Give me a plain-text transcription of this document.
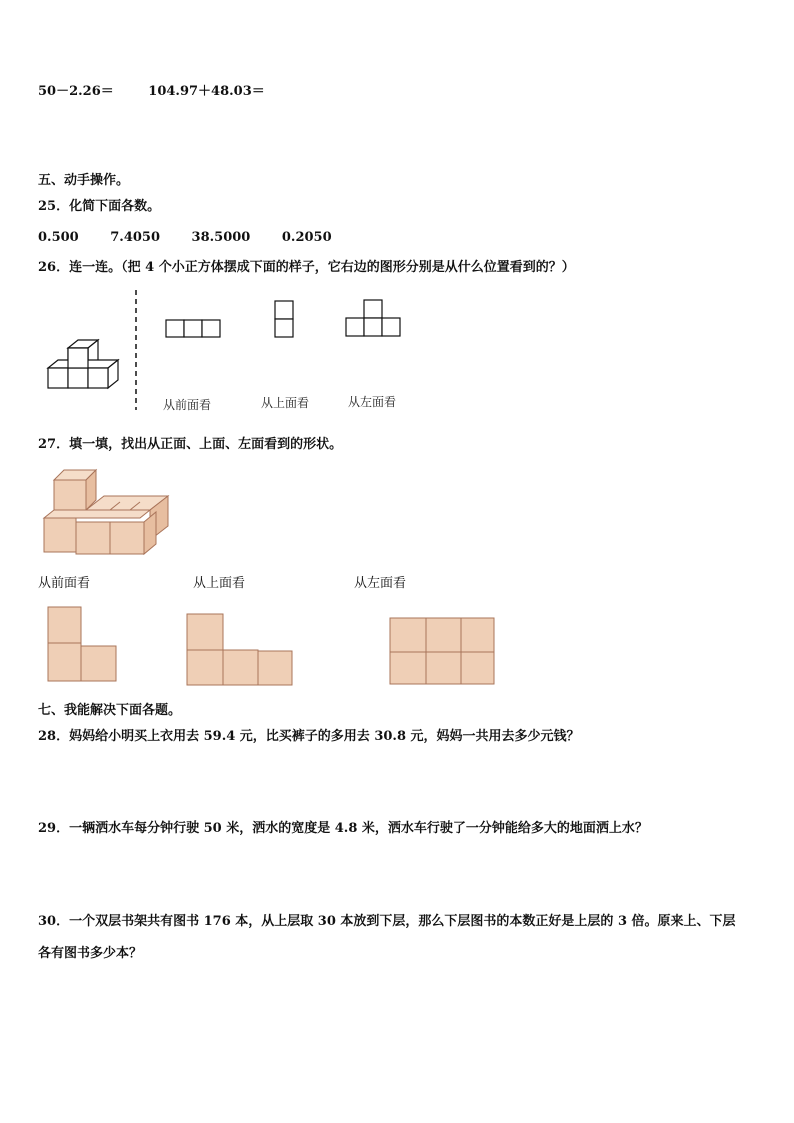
50－2.26＝	104.97＋48.03＝
五、动手操作。
25．化简下面各数。
0.500 7.4050 38.5000 0.2050
26．连一连。（把 4 个小正方体摆成下面的样子，它右边的图形分别是从什么位置看到的？）
从前面看	从上面看	从左面看
27．填一填，找出从正面、上面、左面看到的形状。
从前面看	从上面看	从左面看
七、我能解决下面各题。
28．妈妈给小明买上衣用去 59.4 元，比买裤子的多用去 30.8 元，妈妈一共用去多少元钱？
29．一辆洒水车每分钟行驶 50 米，洒水的宽度是 4.8 米，洒水车行驶了一分钟能给多大的地面洒上水？
30．一个双层书架共有图书 176 本，从上层取 30 本放到下层，那么下层图书的本数正好是上层的 3 倍。原来上、下层
各有图书多少本？
